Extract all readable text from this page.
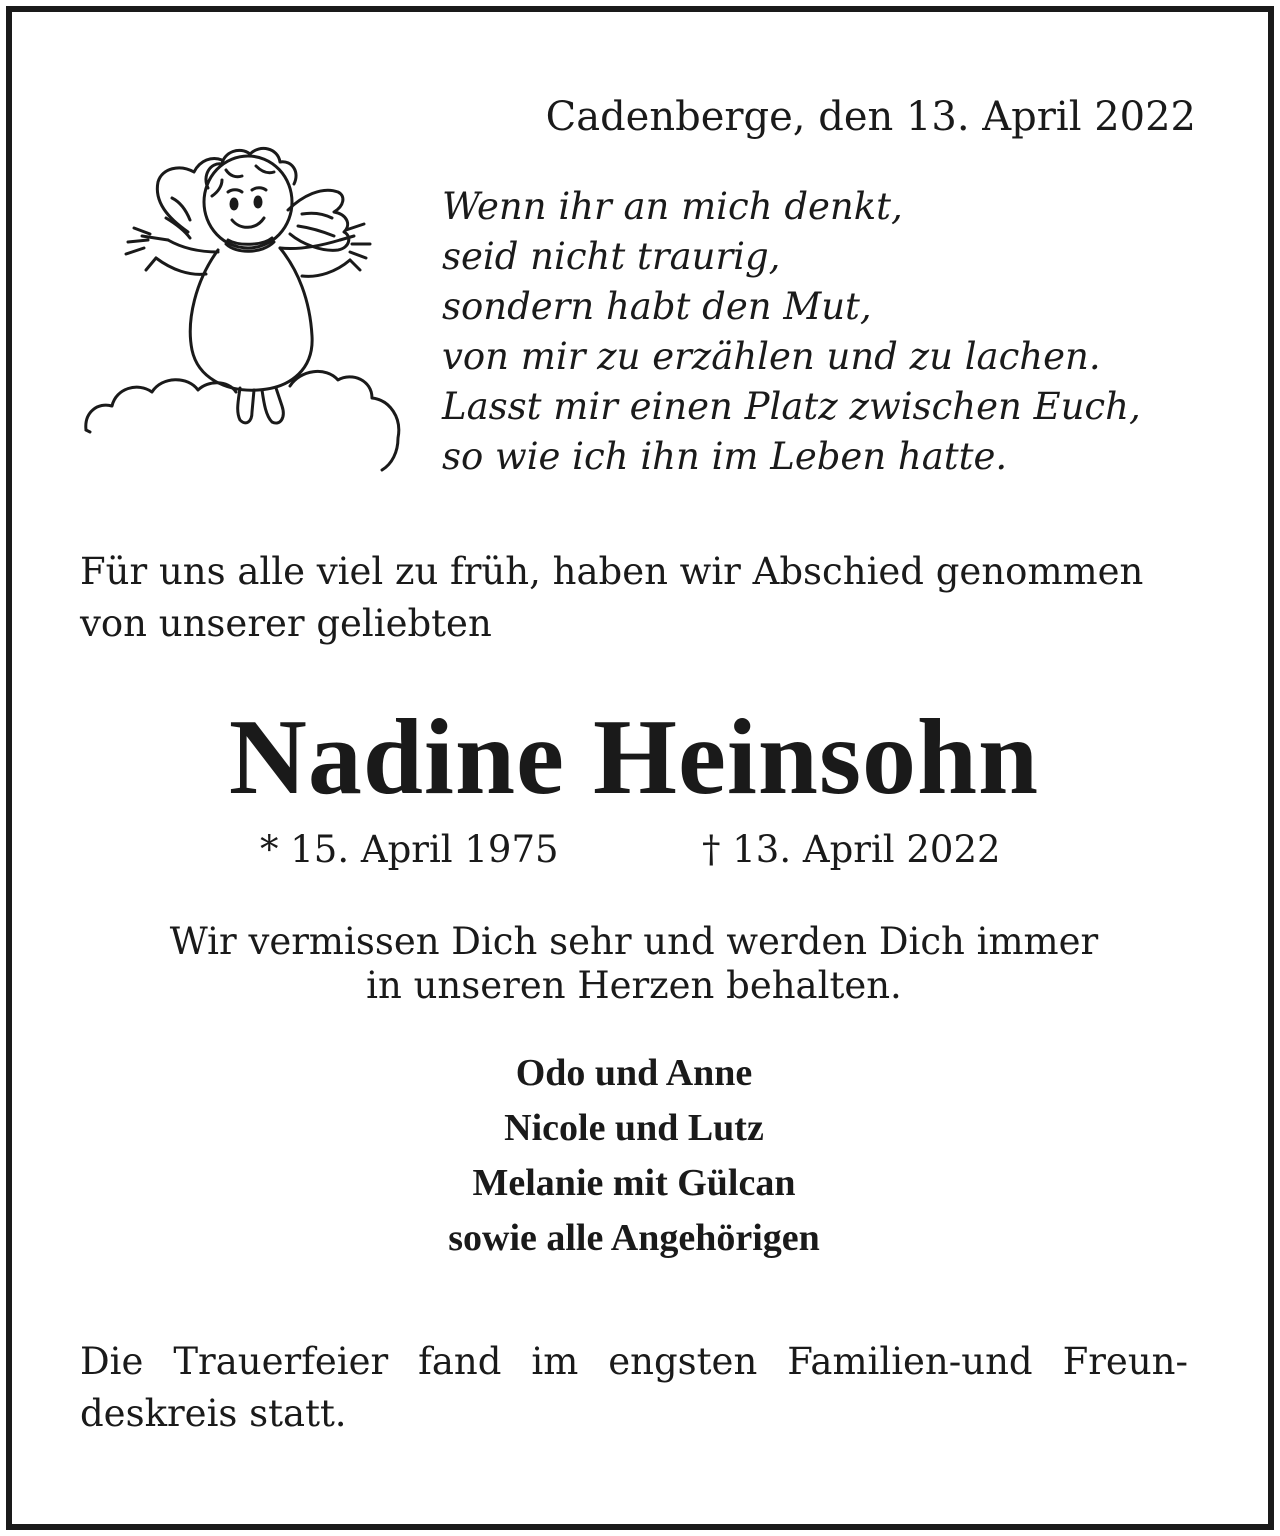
Cadenberge, den 13. April 2022
Wenn ihr an mich denkt,
seid nicht traurig,
sondern habt den Mut,
von mir zu erzählen und zu lachen.
Lasst mir einen Platz zwischen Euch,
so wie ich ihn im Leben hatte.
Für uns alle viel zu früh, haben wir Abschied genommen
von unserer geliebten
Nadine Heinsohn
* 15. April 1975	† 13. April 2022
Wir vermissen Dich sehr und werden Dich immer
in unseren Herzen behalten.
Odo und Anne
Nicole und Lutz
Melanie mit Gülcan
sowie alle Angehörigen
Die Trauerfeier fand im engsten Familien-und Freun-
deskreis statt.
